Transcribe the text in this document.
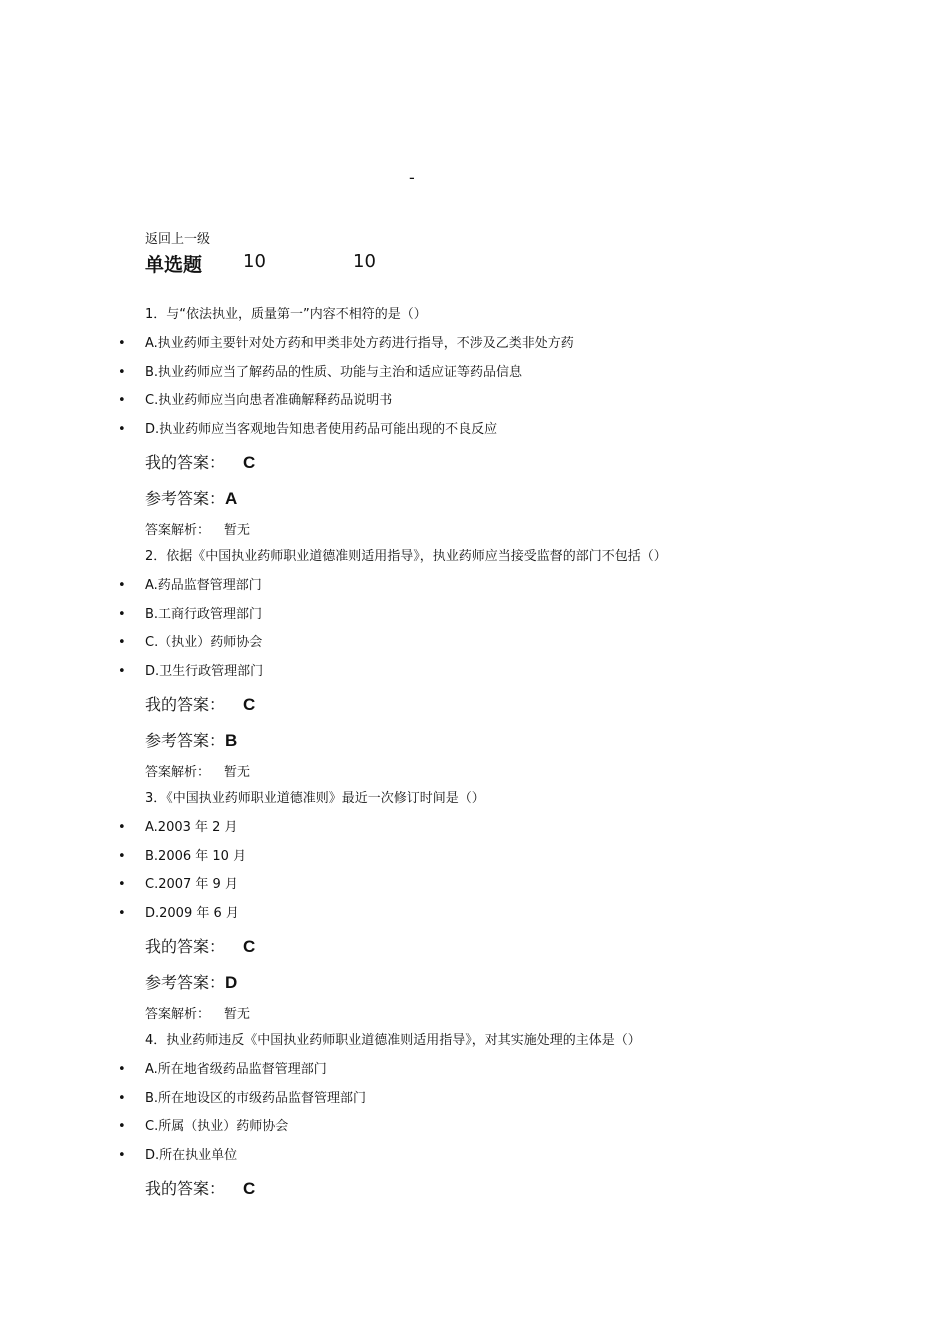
-
返回上一级
单选题 10	10
1．与“依法执业，质量第一”内容不相符的是（）
• A.执业药师主要针对处方药和甲类非处方药进行指导，不涉及乙类非处方药
• B.执业药师应当了解药品的性质、功能与主治和适应证等药品信息
• C.执业药师应当向患者准确解释药品说明书
• D.执业药师应当客观地告知患者使用药品可能出现的不良反应
我的答案： C
参考答案：A
答案解析： 暂无
2．依据《中国执业药师职业道德准则适用指导》，执业药师应当接受监督的部门不包括（）
• A.药品监督管理部门
• B.工商行政管理部门
• C.（执业）药师协会
• D.卫生行政管理部门
我的答案： C
参考答案：B
答案解析： 暂无
3．《中国执业药师职业道德准则》最近一次修订时间是（）
• A.2003 年 2 月
• B.2006 年 10 月
• C.2007 年 9 月
• D.2009 年 6 月
我的答案： C
参考答案：D
答案解析： 暂无
4．执业药师违反《中国执业药师职业道德准则适用指导》，对其实施处理的主体是（）
• A.所在地省级药品监督管理部门
• B.所在地设区的市级药品监督管理部门
• C.所属（执业）药师协会
• D.所在执业单位
我的答案： C
